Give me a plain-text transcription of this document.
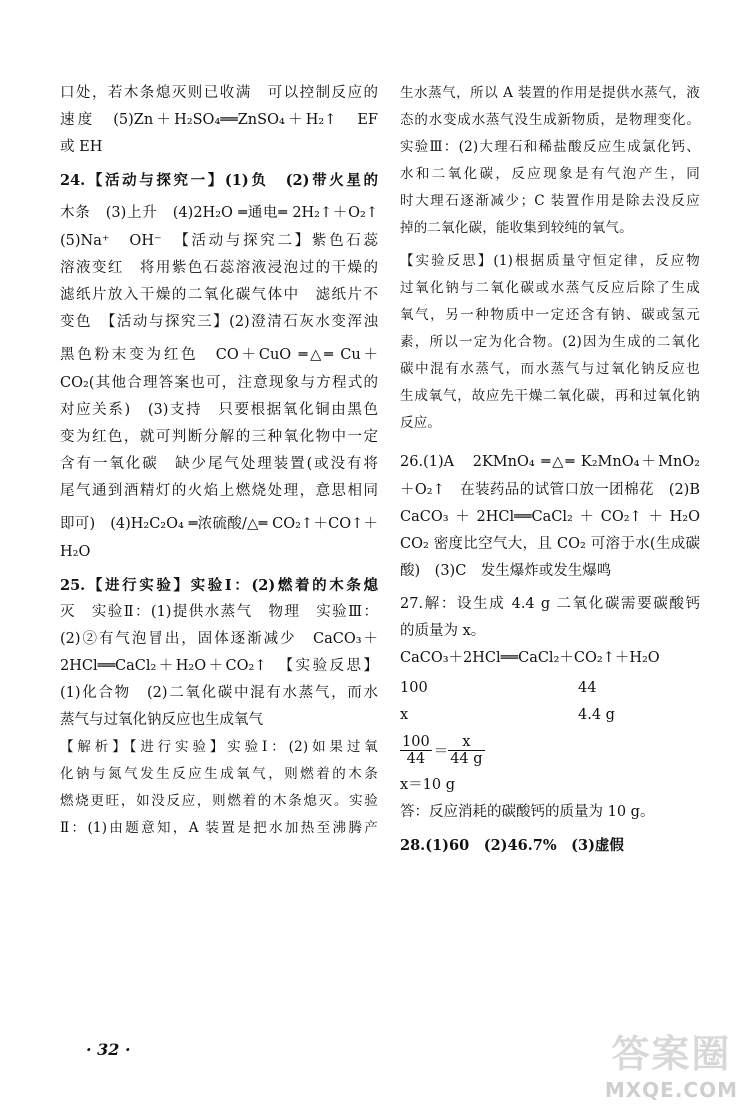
口处，若木条熄灭则已收满　可以控制反应的
速度　(5)Zn＋H₂SO₄══ZnSO₄＋H₂↑　EF
或 EH
24.【活动与探究一】(1)负　(2)带火星的
木条　(3)上升　(4)2H₂O ═通电═ 2H₂↑＋O₂↑
(5)Na⁺　OH⁻　【活动与探究二】紫色石蕊
溶液变红　将用紫色石蕊溶液浸泡过的干燥的
滤纸片放入干燥的二氧化碳气体中　滤纸片不
变色　【活动与探究三】(2)澄清石灰水变浑浊
黑色粉末变为红色　CO＋CuO ═△═ Cu＋
CO₂(其他合理答案也可，注意现象与方程式的
对应关系)　(3)支持　只要根据氧化铜由黑色
变为红色，就可判断分解的三种氧化物中一定
含有一氧化碳　缺少尾气处理装置(或没有将
尾气通到酒精灯的火焰上燃烧处理，意思相同
即可)　(4)H₂C₂O₄ ═浓硫酸/△═ CO₂↑＋CO↑＋
H₂O
25.【进行实验】实验Ⅰ：(2)燃着的木条熄
灭　实验Ⅱ：(1)提供水蒸气　物理　实验Ⅲ：
(2)②有气泡冒出，固体逐渐减少　CaCO₃＋
2HCl══CaCl₂＋H₂O＋CO₂↑　【实验反思】
(1)化合物　(2)二氧化碳中混有水蒸气，而水
蒸气与过氧化钠反应也生成氧气
【解析】【进行实验】实验Ⅰ：(2)如果过氧
化钠与氮气发生反应生成氧气，则燃着的木条
燃烧更旺，如没反应，则燃着的木条熄灭。实验
Ⅱ：(1)由题意知，A 装置是把水加热至沸腾产
生水蒸气，所以 A 装置的作用是提供水蒸气，液
态的水变成水蒸气没生成新物质，是物理变化。
实验Ⅲ：(2)大理石和稀盐酸反应生成氯化钙、
水和二氧化碳，反应现象是有气泡产生，同
时大理石逐渐减少；C 装置作用是除去没反应
掉的二氧化碳，能收集到较纯的氧气。
【实验反思】(1)根据质量守恒定律，反应物
过氧化钠与二氧化碳或水蒸气反应后除了生成
氧气，另一种物质中一定还含有钠、碳或氢元
素，所以一定为化合物。(2)因为生成的二氧化
碳中混有水蒸气，而水蒸气与过氧化钠反应也
生成氧气，故应先干燥二氧化碳，再和过氧化钠
反应。
26.(1)A　2KMnO₄ ═△═ K₂MnO₄＋MnO₂
＋O₂↑　在装药品的试管口放一团棉花　(2)B
CaCO₃＋2HCl══CaCl₂＋CO₂↑＋H₂O
CO₂ 密度比空气大，且 CO₂ 可溶于水(生成碳
酸)　(3)C　发生爆炸或发生爆鸣
27.解：设生成 4.4 g 二氧化碳需要碳酸钙
的质量为 x。
CaCO₃＋2HCl══CaCl₂＋CO₂↑＋H₂O
100	44
x	4.4 g
$\frac{100}{44} = \frac{x}{44 g}$
x＝10 g
答：反应消耗的碳酸钙的质量为 10 g。
28.(1)60　(2)46.7%　(3)虚假
· 32 ·	答案圈
MXQE.COM
